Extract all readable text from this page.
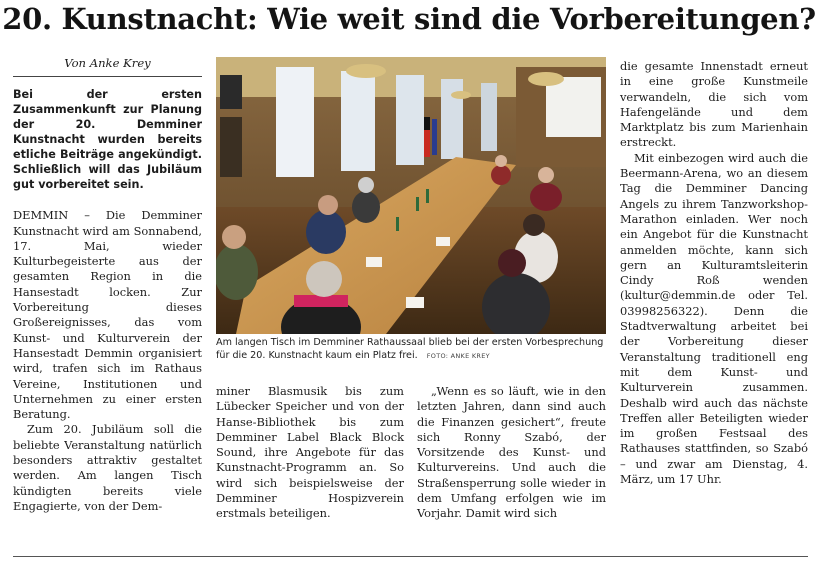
20. Kunstnacht: Wie weit sind die Vorbereitungen?
Von Anke Krey

Bei der ersten Zusammenkunft zur Planung der 20. Demminer Kunstnacht wurden bereits etliche Beiträge angekündigt. Schließlich will das Jubiläum gut vorbereitet sein.

DEMMIN – Die Demminer Kunstnacht wird am Sonnabend, 17. Mai, wieder Kulturbegeisterte aus der gesamten Region in die Hansestadt locken. Zur Vorbereitung dieses Großereignisses, das vom Kunst- und Kulturverein der Hansestadt Demmin organisiert wird, trafen sich im Rathaus Vereine, Institutionen und Unternehmen zu einer ersten Beratung.

Zum 20. Jubiläum soll die beliebte Veranstaltung natürlich besonders attraktiv gestaltet werden. Am langen Tisch kündigten bereits viele Engagierte, von der Dem-

Am langen Tisch im Demminer Rathaussaal blieb bei der ersten Vorbesprechung für die 20. Kunstnacht kaum ein Platz frei. FOTO: ANKE KREY

miner Blasmusik bis zum Lübecker Speicher und von der Hanse-Bibliothek bis zum Demminer Label Black Block Sound, ihre Angebote für das Kunstnacht-Programm an. So wird sich beispielsweise der Demminer Hospizverein erstmals beteiligen.

„Wenn es so läuft, wie in den letzten Jahren, dann sind auch die Finanzen gesichert“, freute sich Ronny Szabó, der Vorsitzende des Kunst- und Kulturvereins. Und auch die Straßensperrung solle wieder in dem Umfang erfolgen wie im Vorjahr. Damit wird sich

die gesamte Innenstadt erneut in eine große Kunstmeile verwandeln, die sich vom Hafengelände und dem Marktplatz bis zum Marienhain erstreckt.

Mit einbezogen wird auch die Beermann-Arena, wo an diesem Tag die Demminer Dancing Angels zu ihrem Tanzworkshop-Marathon einladen. Wer noch ein Angebot für die Kunstnacht anmelden möchte, kann sich gern an Kulturamtsleiterin Cindy Roß wenden (kultur@demmin.de oder Tel. 03998256322). Denn die Stadtverwaltung arbeitet bei der Vorbereitung dieser Veranstaltung traditionell eng mit dem Kunst- und Kulturverein zusammen. Deshalb wird auch das nächste Treffen aller Beteiligten wieder im großen Festsaal des Rathauses stattfinden, so Szabó – und zwar am Dienstag, 4. März, um 17 Uhr.
